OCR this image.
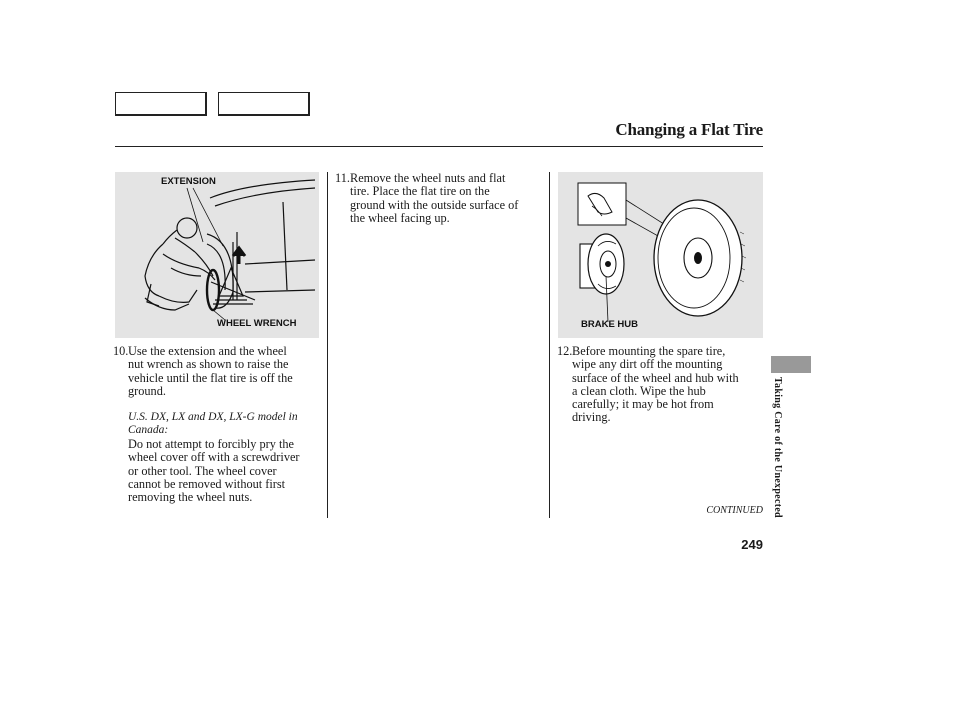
Changing a Flat Tire
EXTENSION
WHEEL WRENCH	BRAKE HUB
10. Use the extension and the wheel
nut wrench as shown to raise the
vehicle until the flat tire is off the
ground.
U.S. DX, LX and DX, LX-G model in
Canada:
Do not attempt to forcibly pry the
wheel cover off with a screwdriver
or other tool. The wheel cover
cannot be removed without first
removing the wheel nuts.
11. Remove the wheel nuts and flat
tire. Place the flat tire on the
ground with the outside surface of
the wheel facing up.
12. Before mounting the spare tire,
wipe any dirt off the mounting
surface of the wheel and hub with
a clean cloth. Wipe the hub
carefully; it may be hot from
driving.
CONTINUED
249
Taking Care of the Unexpected
